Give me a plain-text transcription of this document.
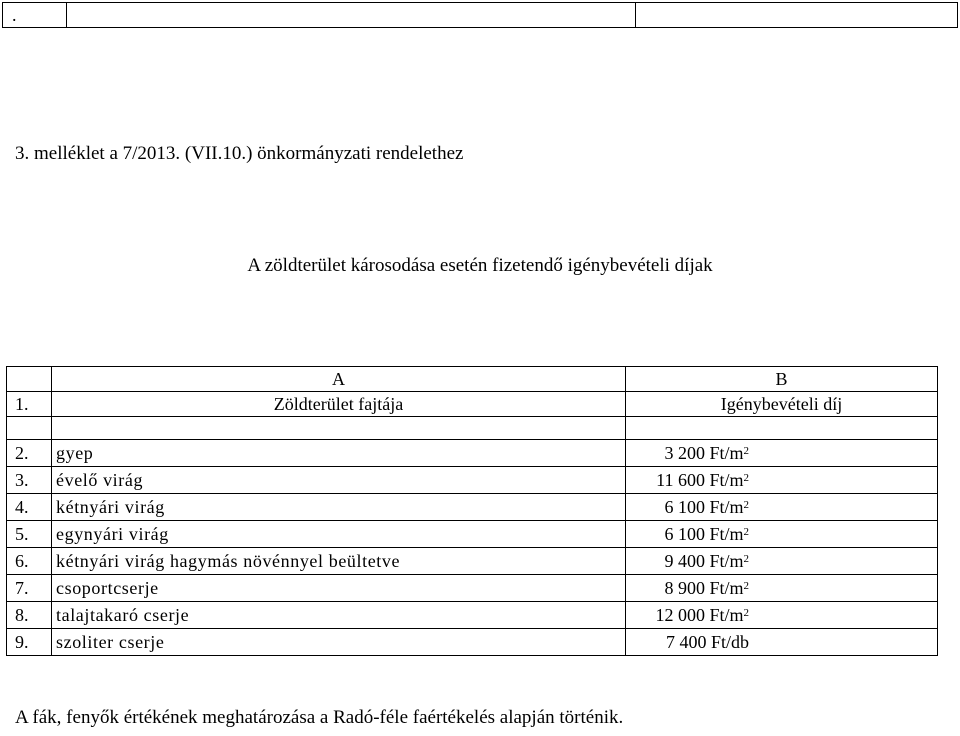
.
3. melléklet a 7/2013. (VII.10.) önkormányzati rendelethez
A zöldterület károsodása esetén fizetendő igénybevételi díjak
	A	B
1.	Zöldterület fajtája	Igénybevételi díj

2.	gyep	3 200 $Ft/m^2$
3.	évelő virág	11 600 $Ft/m^2$
4.	kétnyári virág	6 100 $Ft/m^2$
5.	egynyári virág	6 100 $Ft/m^2$
6.	kétnyári virág hagymás növénnyel beültetve	9 400 $Ft/m^2$
7.	csoportcserje	8 900 $Ft/m^2$
8.	talajtakaró cserje	12 000 $Ft/m^2$
9.	szoliter cserje	7 400 Ft/db
A fák, fenyők értékének meghatározása a Radó-féle faértékelés alapján történik.
